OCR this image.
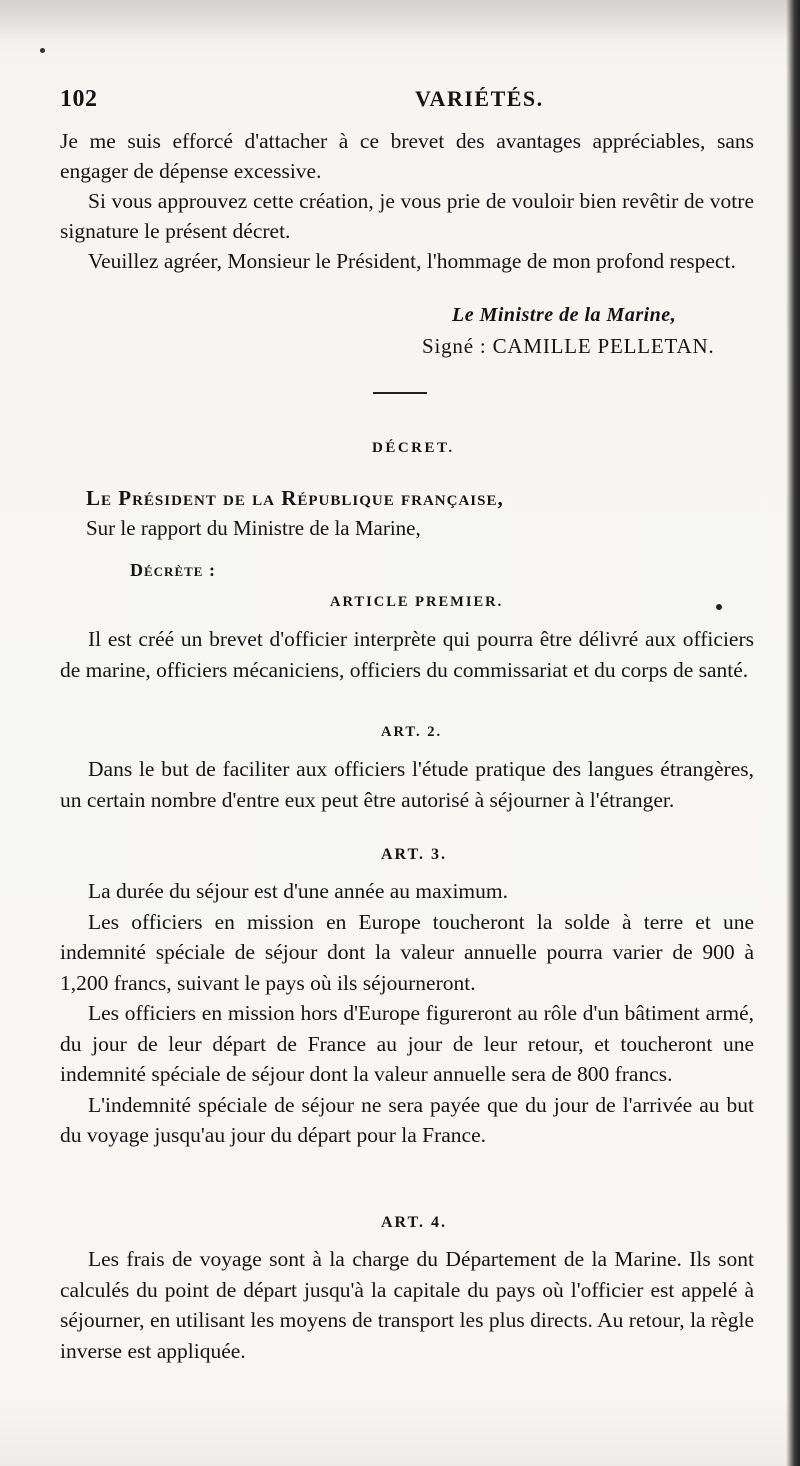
102	VARIÉTÉS.

Je me suis efforcé d'attacher à ce brevet des avantages appréciables, sans engager de dépense excessive.

Si vous approuvez cette création, je vous prie de vouloir bien revêtir de votre signature le présent décret.

Veuillez agréer, Monsieur le Président, l'hommage de mon profond respect.

Le Ministre de la Marine,
Signé : CAMILLE PELLETAN.
DÉCRET.
Le Président de la République française,
Sur le rapport du Ministre de la Marine,
Décrète :
ARTICLE PREMIER.

Il est créé un brevet d'officier interprète qui pourra être délivré aux officiers de marine, officiers mécaniciens, officiers du commissariat et du corps de santé.

ART. 2.

Dans le but de faciliter aux officiers l'étude pratique des langues étrangères, un certain nombre d'entre eux peut être autorisé à séjourner à l'étranger.

ART. 3.

La durée du séjour est d'une année au maximum.

Les officiers en mission en Europe toucheront la solde à terre et une indemnité spéciale de séjour dont la valeur annuelle pourra varier de 900 à 1,200 francs, suivant le pays où ils séjourneront.

Les officiers en mission hors d'Europe figureront au rôle d'un bâtiment armé, du jour de leur départ de France au jour de leur retour, et toucheront une indemnité spéciale de séjour dont la valeur annuelle sera de 800 francs.

L'indemnité spéciale de séjour ne sera payée que du jour de l'arrivée au but du voyage jusqu'au jour du départ pour la France.

ART. 4.

Les frais de voyage sont à la charge du Département de la Marine. Ils sont calculés du point de départ jusqu'à la capitale du pays où l'officier est appelé à séjourner, en utilisant les moyens de transport les plus directs. Au retour, la règle inverse est appliquée.
